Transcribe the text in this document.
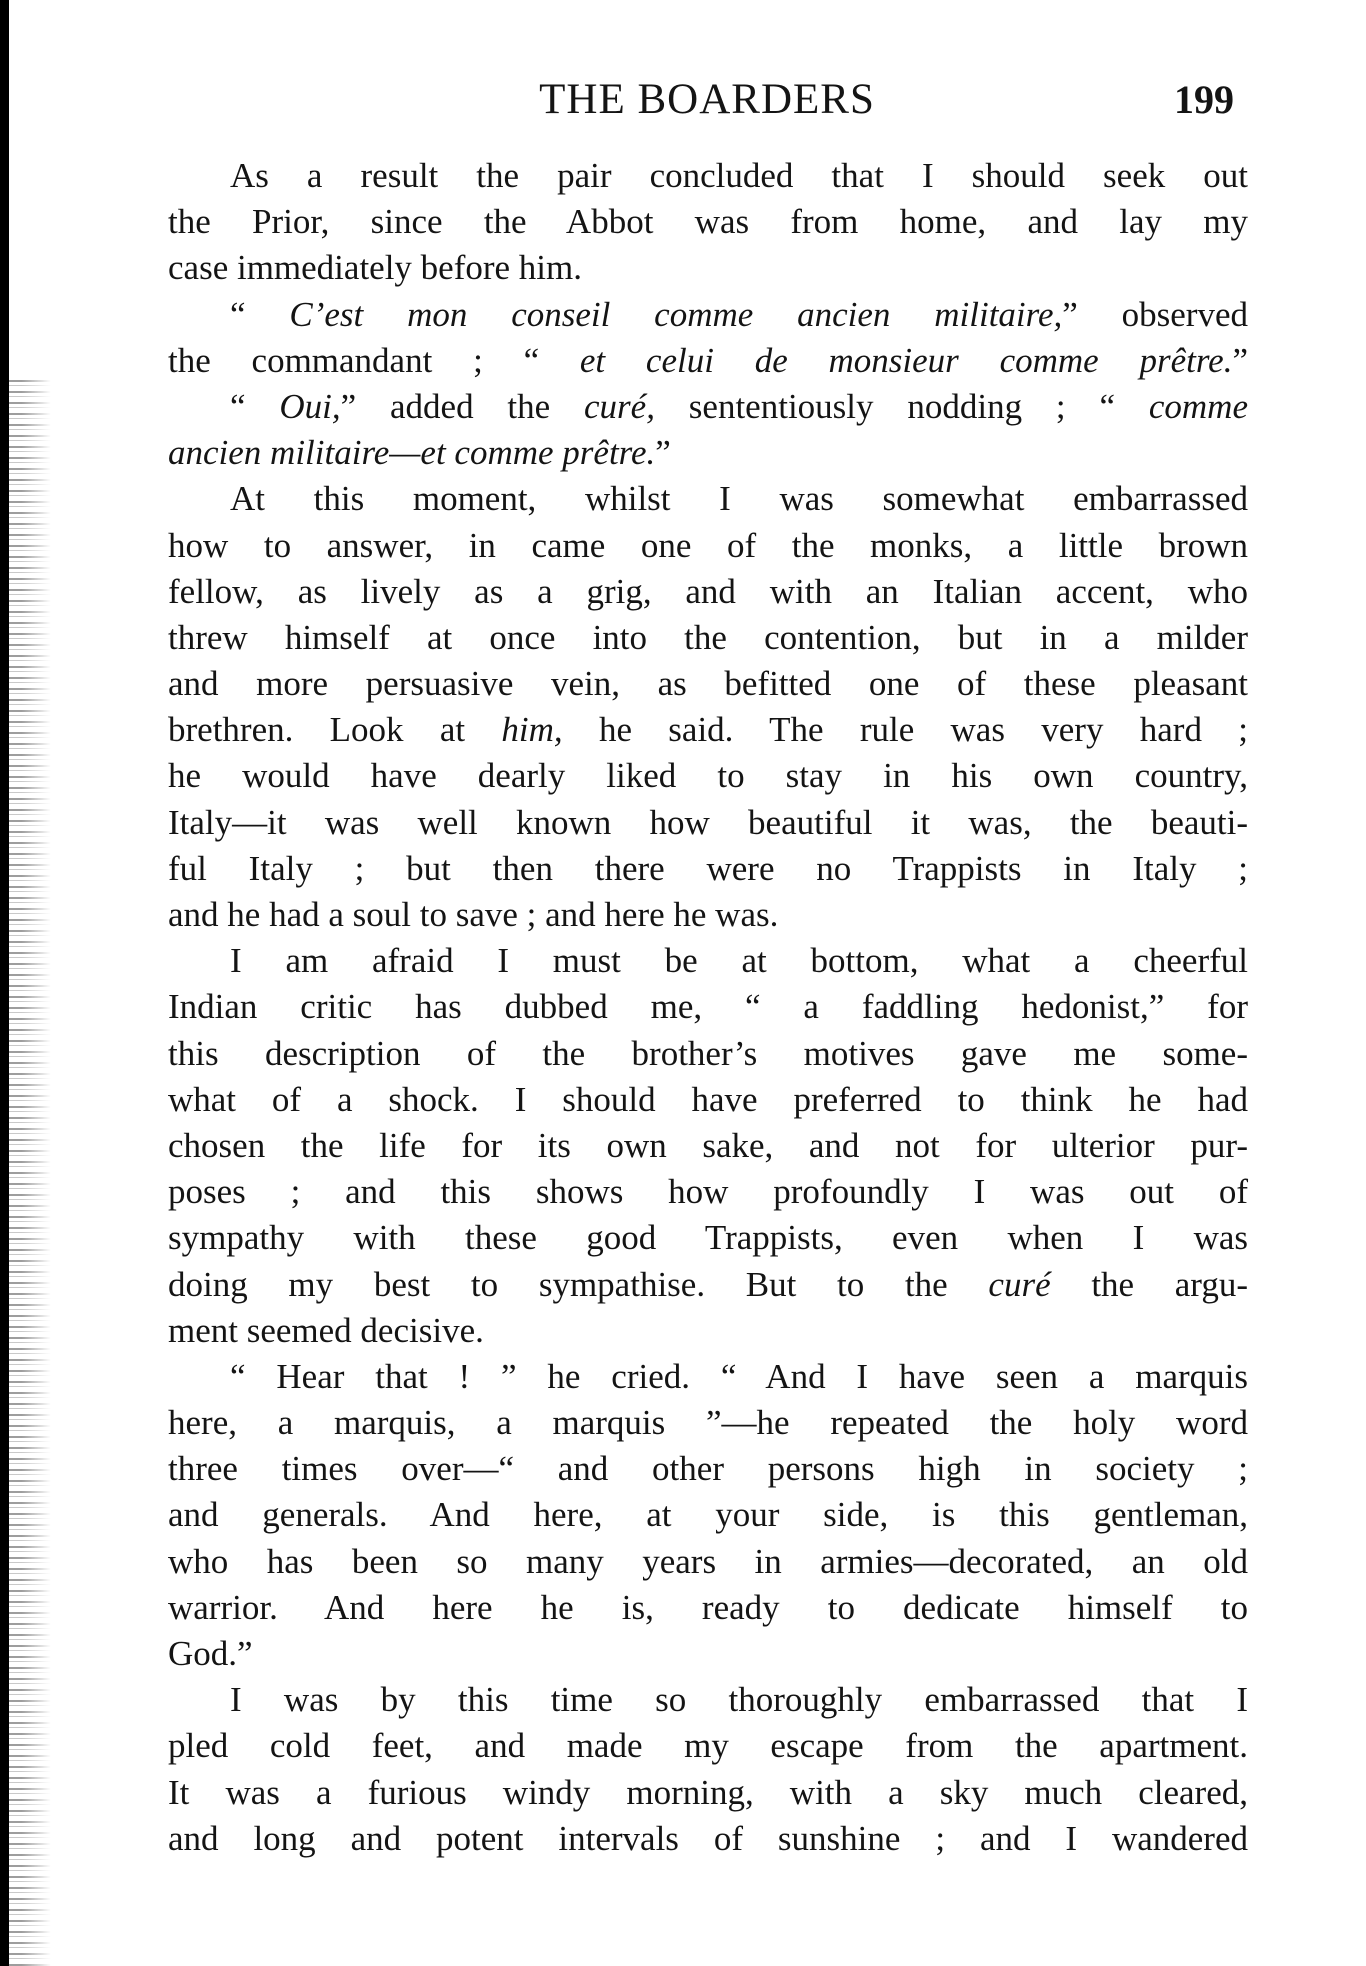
THE BOARDERS	199
As a result the pair concluded that I should seek out
the Prior, since the Abbot was from home, and lay my
case immediately before him.
“ C’est mon conseil comme ancien militaire,” observed
the commandant ; “ et celui de monsieur comme prêtre.”
“ Oui,” added the curé, sententiously nodding ; “ comme
ancien militaire—et comme prêtre.”
At this moment, whilst I was somewhat embarrassed
how to answer, in came one of the monks, a little brown
fellow, as lively as a grig, and with an Italian accent, who
threw himself at once into the contention, but in a milder
and more persuasive vein, as befitted one of these pleasant
brethren. Look at him, he said. The rule was very hard ;
he would have dearly liked to stay in his own country,
Italy—it was well known how beautiful it was, the beauti-
ful Italy ; but then there were no Trappists in Italy ;
and he had a soul to save ; and here he was.
I am afraid I must be at bottom, what a cheerful
Indian critic has dubbed me, “ a faddling hedonist,” for
this description of the brother’s motives gave me some-
what of a shock. I should have preferred to think he had
chosen the life for its own sake, and not for ulterior pur-
poses ; and this shows how profoundly I was out of
sympathy with these good Trappists, even when I was
doing my best to sympathise. But to the curé the argu-
ment seemed decisive.
“ Hear that ! ” he cried. “ And I have seen a marquis
here, a marquis, a marquis ”—he repeated the holy word
three times over—“ and other persons high in society ;
and generals. And here, at your side, is this gentleman,
who has been so many years in armies—decorated, an old
warrior. And here he is, ready to dedicate himself to
God.”
I was by this time so thoroughly embarrassed that I
pled cold feet, and made my escape from the apartment.
It was a furious windy morning, with a sky much cleared,
and long and potent intervals of sunshine ; and I wandered
